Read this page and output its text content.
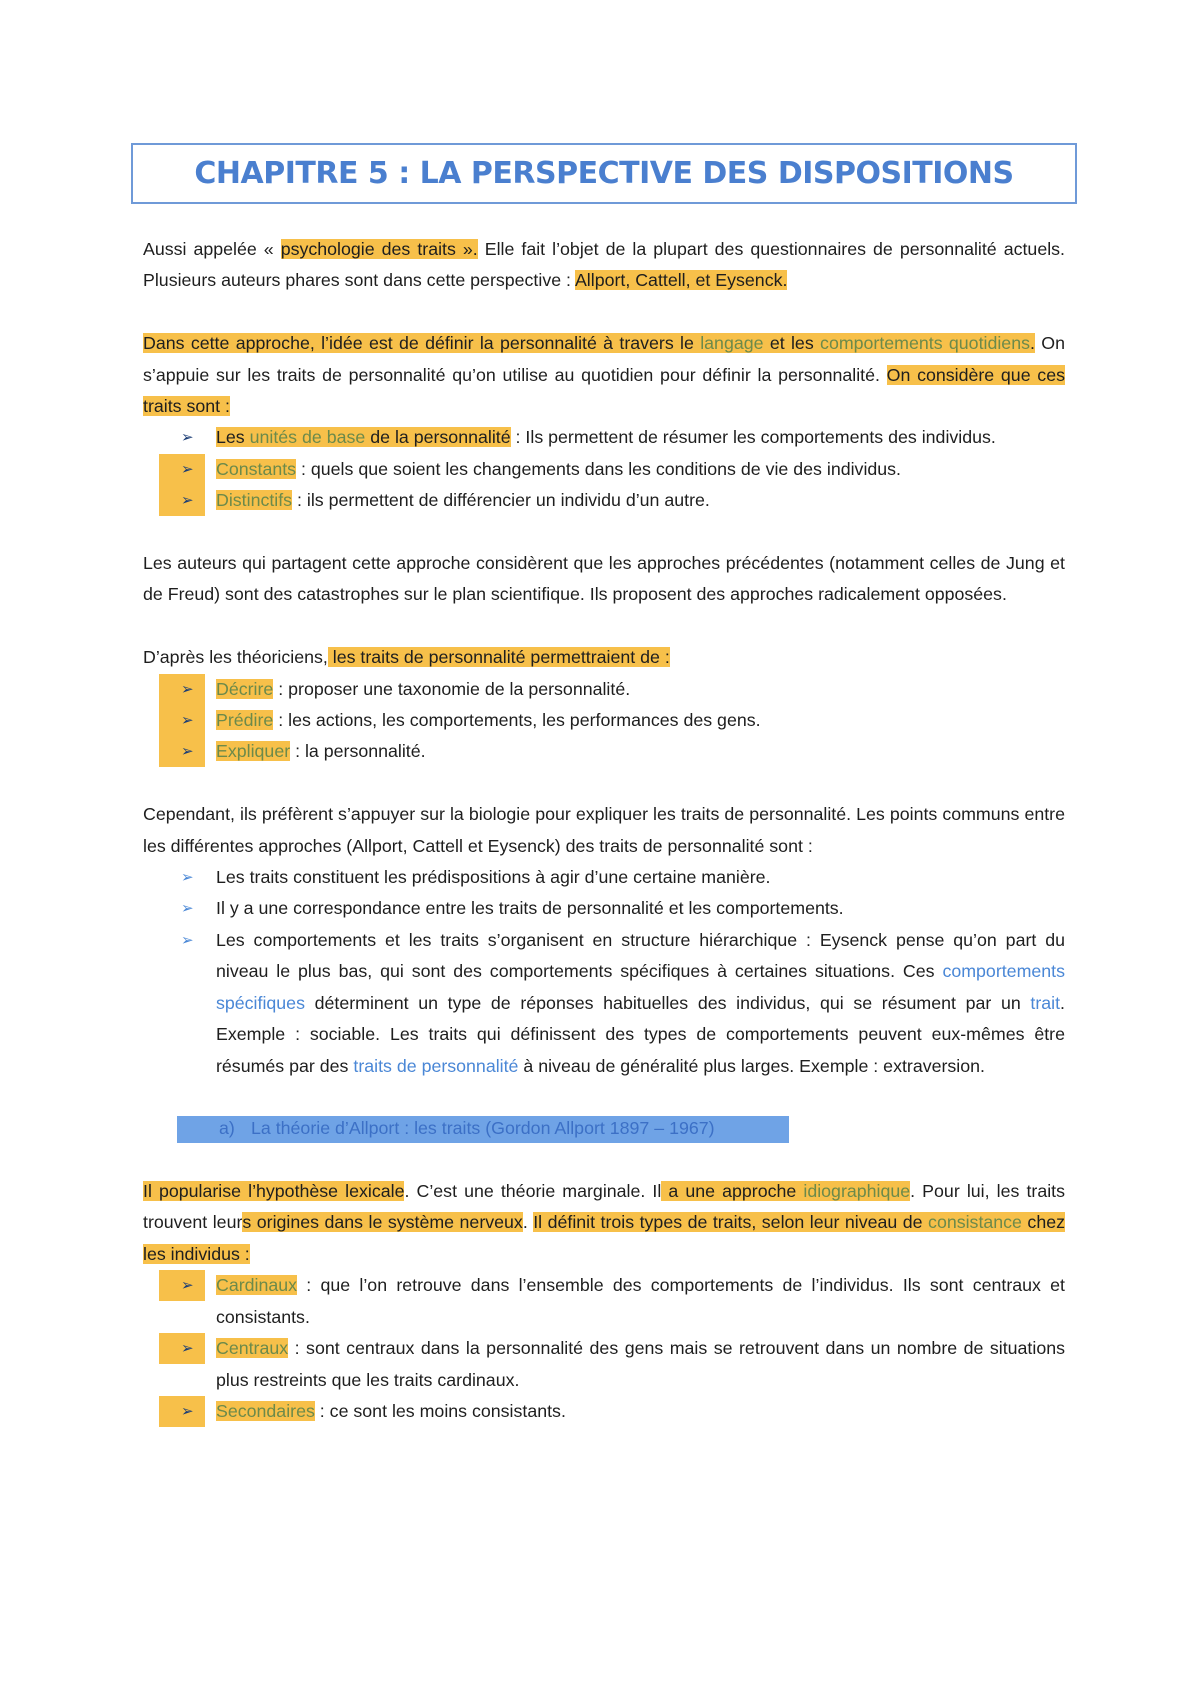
CHAPITRE 5 : LA PERSPECTIVE DES DISPOSITIONS

Aussi appelée « psychologie des traits ». Elle fait l’objet de la plupart des questionnaires de personnalité actuels. Plusieurs auteurs phares sont dans cette perspective : Allport, Cattell, et Eysenck.

Dans cette approche, l’idée est de définir la personnalité à travers le langage et les comportements quotidiens. On s’appuie sur les traits de personnalité qu’on utilise au quotidien pour définir la personnalité. On considère que ces traits sont :

➢	Les unités de base de la personnalité : Ils permettent de résumer les comportements des individus.
➢	Constants : quels que soient les changements dans les conditions de vie des individus.
➢	Distinctifs : ils permettent de différencier un individu d’un autre.

Les auteurs qui partagent cette approche considèrent que les approches précédentes (notamment celles de Jung et de Freud) sont des catastrophes sur le plan scientifique. Ils proposent des approches radicalement opposées.

D’après les théoriciens, les traits de personnalité permettraient de :

➢	Décrire : proposer une taxonomie de la personnalité.
➢	Prédire : les actions, les comportements, les performances des gens.
➢	Expliquer : la personnalité.

Cependant, ils préfèrent s’appuyer sur la biologie pour expliquer les traits de personnalité. Les points communs entre les différentes approches (Allport, Cattell et Eysenck) des traits de personnalité sont :

➢	Les traits constituent les prédispositions à agir d’une certaine manière.
➢	Il y a une correspondance entre les traits de personnalité et les comportements.
➢	Les comportements et les traits s’organisent en structure hiérarchique : Eysenck pense qu’on part du niveau le plus bas, qui sont des comportements spécifiques à certaines situations. Ces comportements spécifiques déterminent un type de réponses habituelles des individus, qui se résument par un trait. Exemple : sociable. Les traits qui définissent des types de comportements peuvent eux-mêmes être résumés par des traits de personnalité à niveau de généralité plus larges. Exemple : extraversion.
a) La théorie d’Allport : les traits (Gordon Allport 1897 – 1967)

Il popularise l’hypothèse lexicale. C’est une théorie marginale. Il a une approche idiographique. Pour lui, les traits trouvent leurs origines dans le système nerveux. Il définit trois types de traits, selon leur niveau de consistance chez les individus :

➢	Cardinaux : que l’on retrouve dans l’ensemble des comportements de l’individus. Ils sont centraux et consistants.
➢	Centraux : sont centraux dans la personnalité des gens mais se retrouvent dans un nombre de situations plus restreints que les traits cardinaux.
➢	Secondaires : ce sont les moins consistants.
